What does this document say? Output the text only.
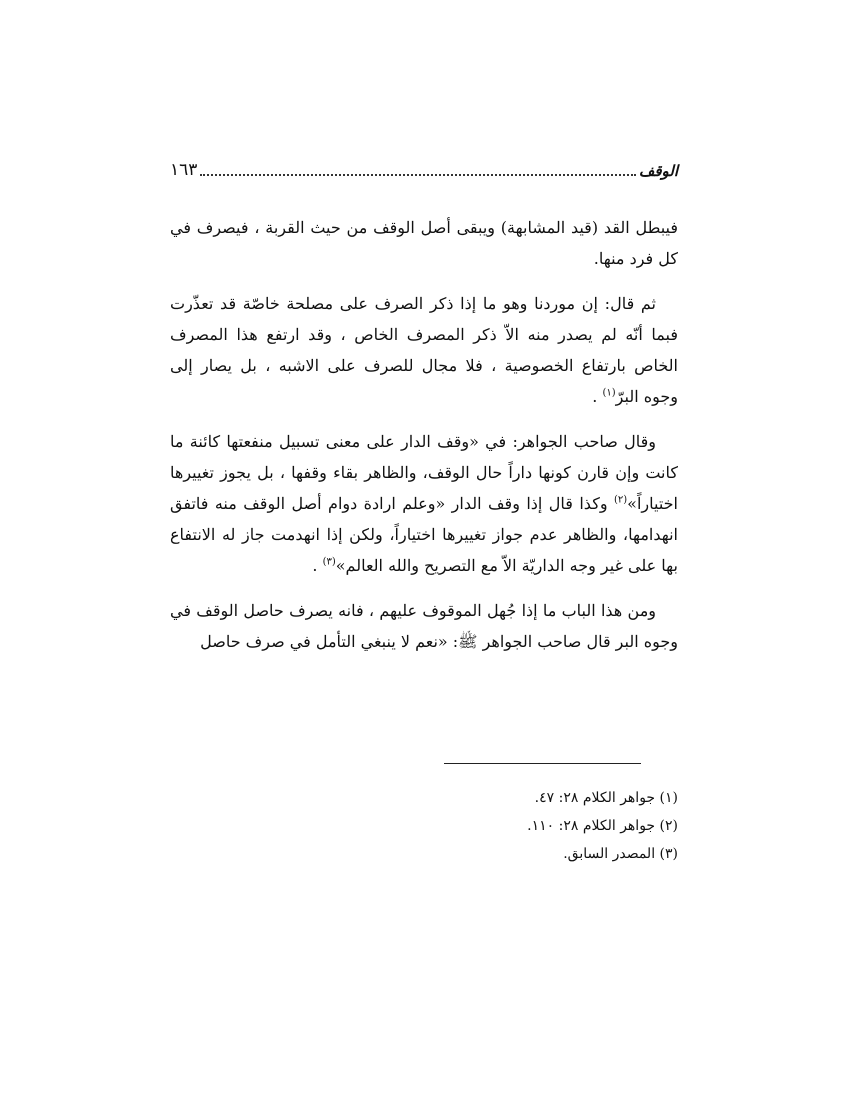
الوقف
١٦٣

فيبطل القد (قيد المشابهة) ويبقى أصل الوقف من حيث القربة ، فيصرف في كل فرد منها.

ثم قال: إن موردنا وهو ما إذا ذكر الصرف على مصلحة خاصّة قد تعذّرت فبما أنّه لم يصدر منه الاّ ذكر المصرف الخاص ، وقد ارتفع هذا المصرف الخاص بارتفاع الخصوصية ، فلا مجال للصرف على الاشبه ، بل يصار إلى وجوه البرّ$^{(١)}$ .

وقال صاحب الجواهر: في «وقف الدار على معنى تسبيل منفعتها كائنة ما كانت وإن قارن كونها داراً حال الوقف، والظاهر بقاء وقفها ، بل يجوز تغييرها اختياراً»$^{(٢)}$ وكذا قال إذا وقف الدار «وعلم ارادة دوام أصل الوقف منه فاتفق انهدامها، والظاهر عدم جواز تغييرها اختياراً، ولكن إذا انهدمت جاز له الانتفاع بها على غير وجه الداريّة الاّ مع التصريح والله العالم»$^{(٣)}$ .

ومن هذا الباب ما إذا جُهل الموقوف عليهم ، فانه يصرف حاصل الوقف في وجوه البر قال صاحب الجواهر ﷺ: «نعم لا ينبغي التأمل في صرف حاصل

(١) جواهر الكلام ٢٨: ٤٧.

(٢) جواهر الكلام ٢٨: ١١٠.

(٣) المصدر السابق.
